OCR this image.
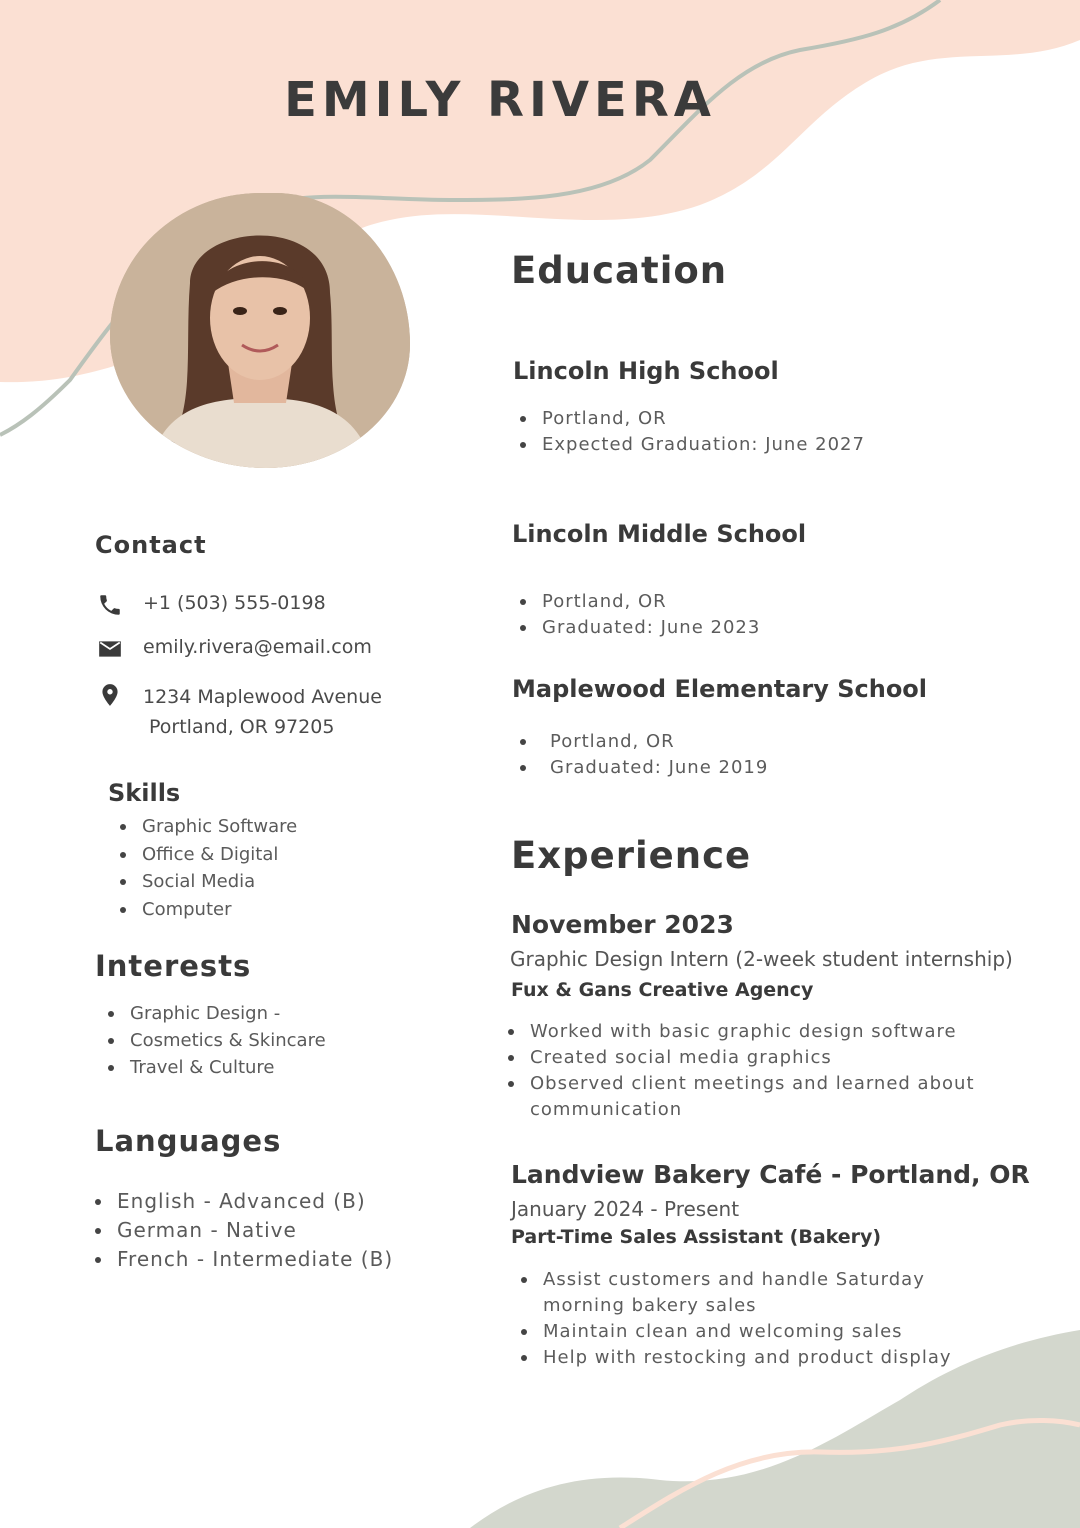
EMILY RIVERA
Contact
+1 (503) 555-0198
emily.rivera@email.com
1234 Maplewood Avenue
Portland, OR 97205
Skills
Graphic Software
Office & Digital
Social Media
Computer
Interests
Graphic Design -
Cosmetics & Skincare
Travel & Culture
Languages
English - Advanced (B)
German - Native
French - Intermediate (B)
Education
Lincoln High School
Portland, OR
Expected Graduation: June 2027
Lincoln Middle School
Portland, OR
Graduated: June 2023
Maplewood Elementary School
Portland, OR
Graduated: June 2019
Experience
November 2023
Graphic Design Intern (2-week student internship)
Fux & Gans Creative Agency
Worked with basic graphic design software
Created social media graphics
Observed client meetings and learned about communication
Landview Bakery Café - Portland, OR
January 2024 - Present
Part-Time Sales Assistant (Bakery)
Assist customers and handle Saturday morning bakery sales
Maintain clean and welcoming sales
Help with restocking and product display
